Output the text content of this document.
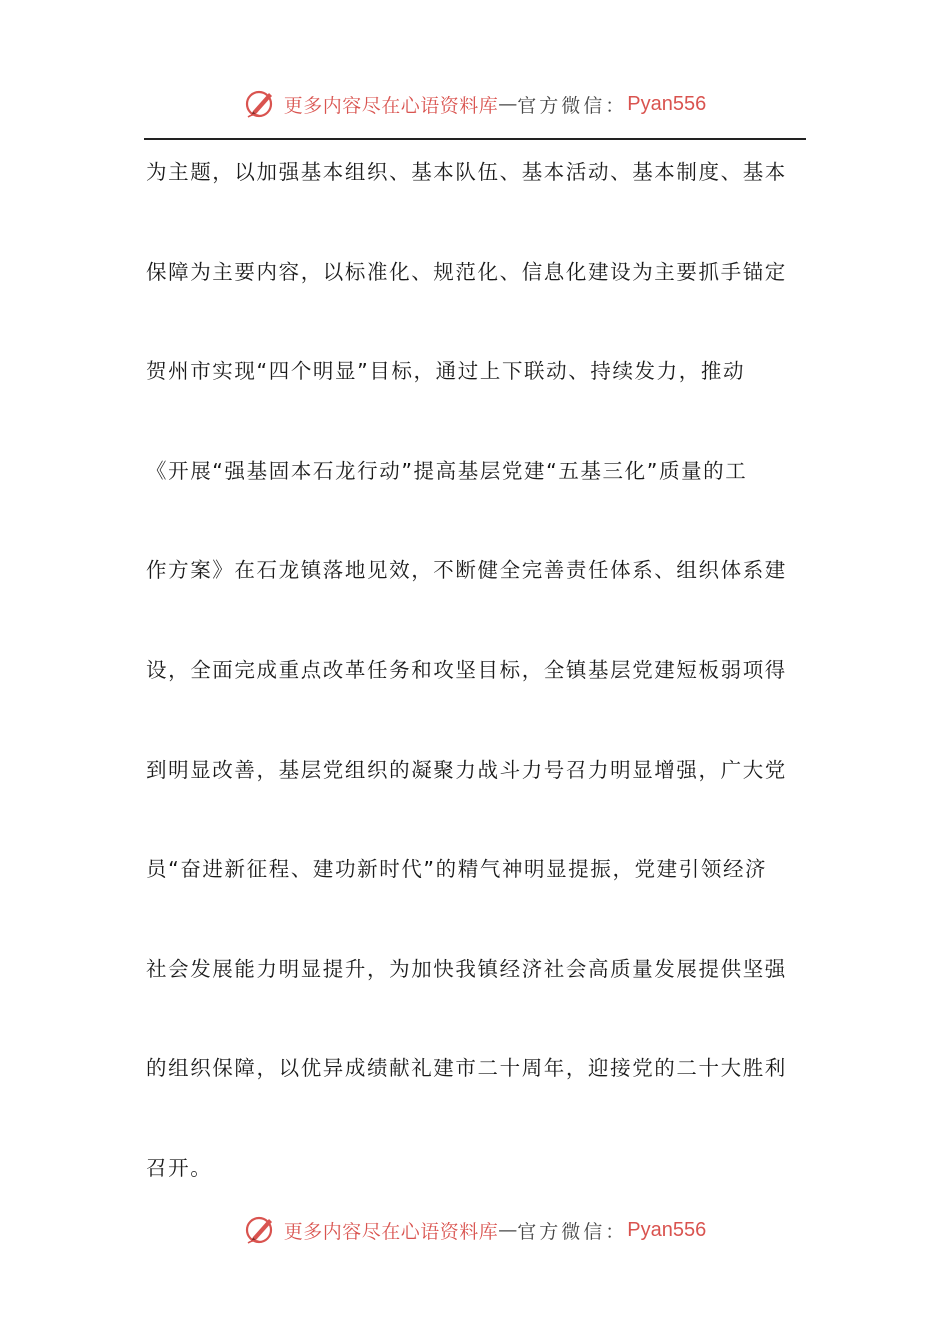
更多内容尽在心语资料库 — 官方微信： Pyan556
为主题，以加强基本组织、基本队伍、基本活动、基本制度、基本
保障为主要内容，以标准化、规范化、信息化建设为主要抓手锚定
贺州市实现“四个明显”目标，通过上下联动、持续发力，推动
《开展“强基固本石龙行动”提高基层党建“五基三化”质量的工
作方案》在石龙镇落地见效，不断健全完善责任体系、组织体系建
设，全面完成重点改革任务和攻坚目标，全镇基层党建短板弱项得
到明显改善，基层党组织的凝聚力战斗力号召力明显增强，广大党
员“奋进新征程、建功新时代”的精气神明显提振，党建引领经济
社会发展能力明显提升，为加快我镇经济社会高质量发展提供坚强
的组织保障，以优异成绩献礼建市二十周年，迎接党的二十大胜利
召开。
更多内容尽在心语资料库 — 官方微信： Pyan556
